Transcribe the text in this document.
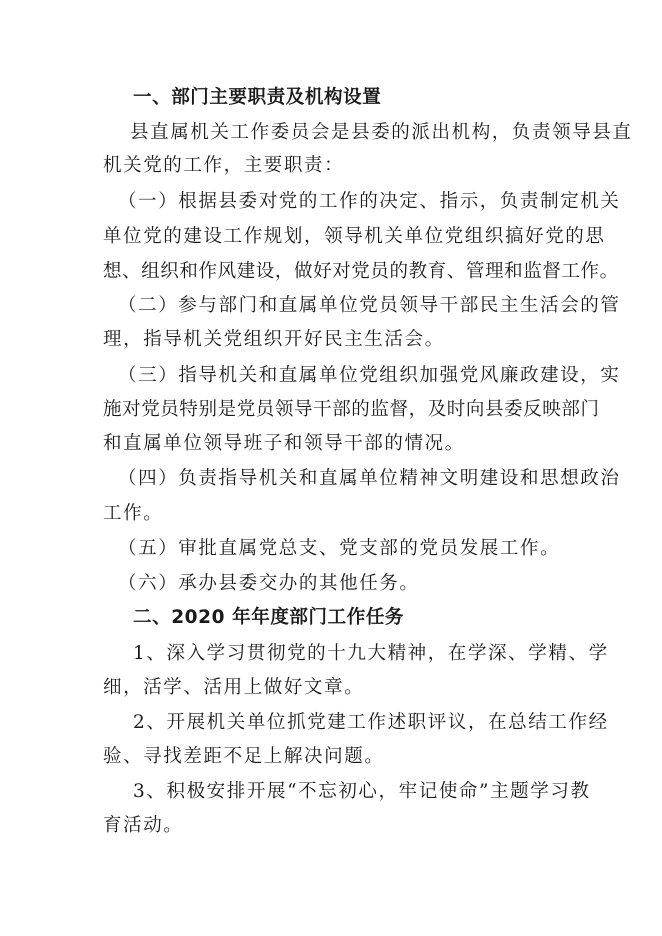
一、部门主要职责及机构设置
县直属机关工作委员会是县委的派出机构，负责领导县直
机关党的工作，主要职责：
（一）根据县委对党的工作的决定、指示，负责制定机关
单位党的建设工作规划，领导机关单位党组织搞好党的思
想、组织和作风建设，做好对党员的教育、管理和监督工作。
（二）参与部门和直属单位党员领导干部民主生活会的管
理，指导机关党组织开好民主生活会。
（三）指导机关和直属单位党组织加强党风廉政建设，实
施对党员特别是党员领导干部的监督，及时向县委反映部门
和直属单位领导班子和领导干部的情况。
（四）负责指导机关和直属单位精神文明建设和思想政治
工作。
（五）审批直属党总支、党支部的党员发展工作。
（六）承办县委交办的其他任务。
二、2020 年年度部门工作任务
1、深入学习贯彻党的十九大精神，在学深、学精、学
细，活学、活用上做好文章。
2、开展机关单位抓党建工作述职评议，在总结工作经
验、寻找差距不足上解决问题。
3、积极安排开展“不忘初心，牢记使命”主题学习教
育活动。
